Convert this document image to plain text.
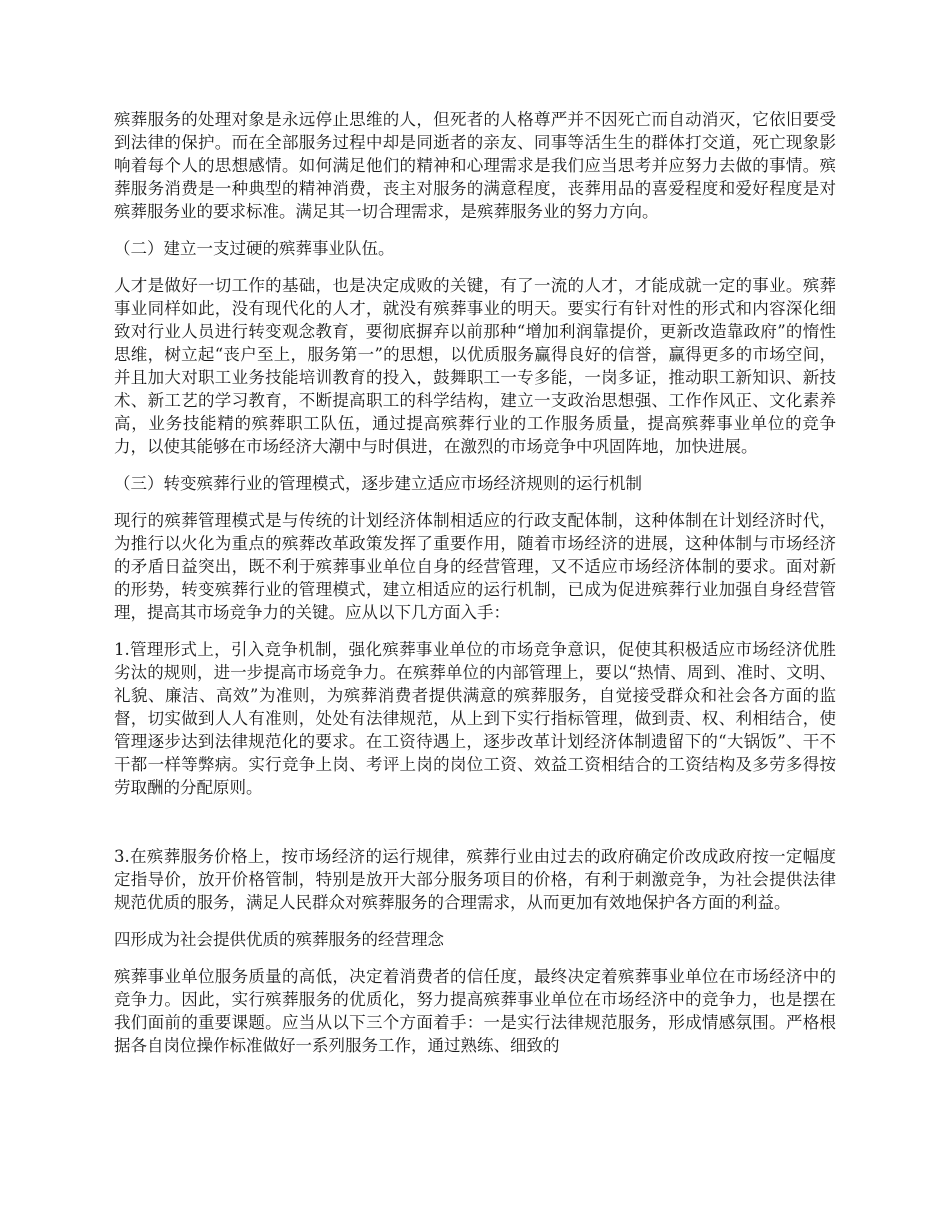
殡葬服务的处理对象是永远停止思维的人，但死者的人格尊严并不因死亡而自动消灭，它依旧要受到法律的保护。而在全部服务过程中却是同逝者的亲友、同事等活生生的群体打交道，死亡现象影响着每个人的思想感情。如何满足他们的精神和心理需求是我们应当思考并应努力去做的事情。殡葬服务消费是一种典型的精神消费，丧主对服务的满意程度，丧葬用品的喜爱程度和爱好程度是对殡葬服务业的要求标准。满足其一切合理需求，是殡葬服务业的努力方向。

（二）建立一支过硬的殡葬事业队伍。

人才是做好一切工作的基础，也是决定成败的关键，有了一流的人才，才能成就一定的事业。殡葬事业同样如此，没有现代化的人才，就没有殡葬事业的明天。要实行有针对性的形式和内容深化细致对行业人员进行转变观念教育，要彻底摒弃以前那种“增加利润靠提价，更新改造靠政府”的惰性思维，树立起“丧户至上，服务第一”的思想，以优质服务赢得良好的信誉，赢得更多的市场空间，并且加大对职工业务技能培训教育的投入，鼓舞职工一专多能，一岗多证，推动职工新知识、新技术、新工艺的学习教育，不断提高职工的科学结构，建立一支政治思想强、工作作风正、文化素养高，业务技能精的殡葬职工队伍，通过提高殡葬行业的工作服务质量，提高殡葬事业单位的竞争力，以使其能够在市场经济大潮中与时俱进，在激烈的市场竞争中巩固阵地，加快进展。

（三）转变殡葬行业的管理模式，逐步建立适应市场经济规则的运行机制

现行的殡葬管理模式是与传统的计划经济体制相适应的行政支配体制，这种体制在计划经济时代，为推行以火化为重点的殡葬改革政策发挥了重要作用，随着市场经济的进展，这种体制与市场经济的矛盾日益突出，既不利于殡葬事业单位自身的经营管理，又不适应市场经济体制的要求。面对新的形势，转变殡葬行业的管理模式，建立相适应的运行机制，已成为促进殡葬行业加强自身经营管理，提高其市场竞争力的关键。应从以下几方面入手：

1.管理形式上，引入竞争机制，强化殡葬事业单位的市场竞争意识，促使其积极适应市场经济优胜劣汰的规则，进一步提高市场竞争力。在殡葬单位的内部管理上，要以“热情、周到、准时、文明、礼貌、廉洁、高效”为准则，为殡葬消费者提供满意的殡葬服务，自觉接受群众和社会各方面的监督，切实做到人人有准则，处处有法律规范，从上到下实行指标管理，做到责、权、利相结合，使管理逐步达到法律规范化的要求。在工资待遇上，逐步改革计划经济体制遗留下的“大锅饭”、干不干都一样等弊病。实行竞争上岗、考评上岗的岗位工资、效益工资相结合的工资结构及多劳多得按劳取酬的分配原则。

3.在殡葬服务价格上，按市场经济的运行规律，殡葬行业由过去的政府确定价改成政府按一定幅度定指导价，放开价格管制，特别是放开大部分服务项目的价格，有利于刺激竞争，为社会提供法律规范优质的服务，满足人民群众对殡葬服务的合理需求，从而更加有效地保护各方面的利益。

四形成为社会提供优质的殡葬服务的经营理念

殡葬事业单位服务质量的高低，决定着消费者的信任度，最终决定着殡葬事业单位在市场经济中的竞争力。因此，实行殡葬服务的优质化，努力提高殡葬事业单位在市场经济中的竞争力，也是摆在我们面前的重要课题。应当从以下三个方面着手：一是实行法律规范服务，形成情感氛围。严格根据各自岗位操作标准做好一系列服务工作，通过熟练、细致的
